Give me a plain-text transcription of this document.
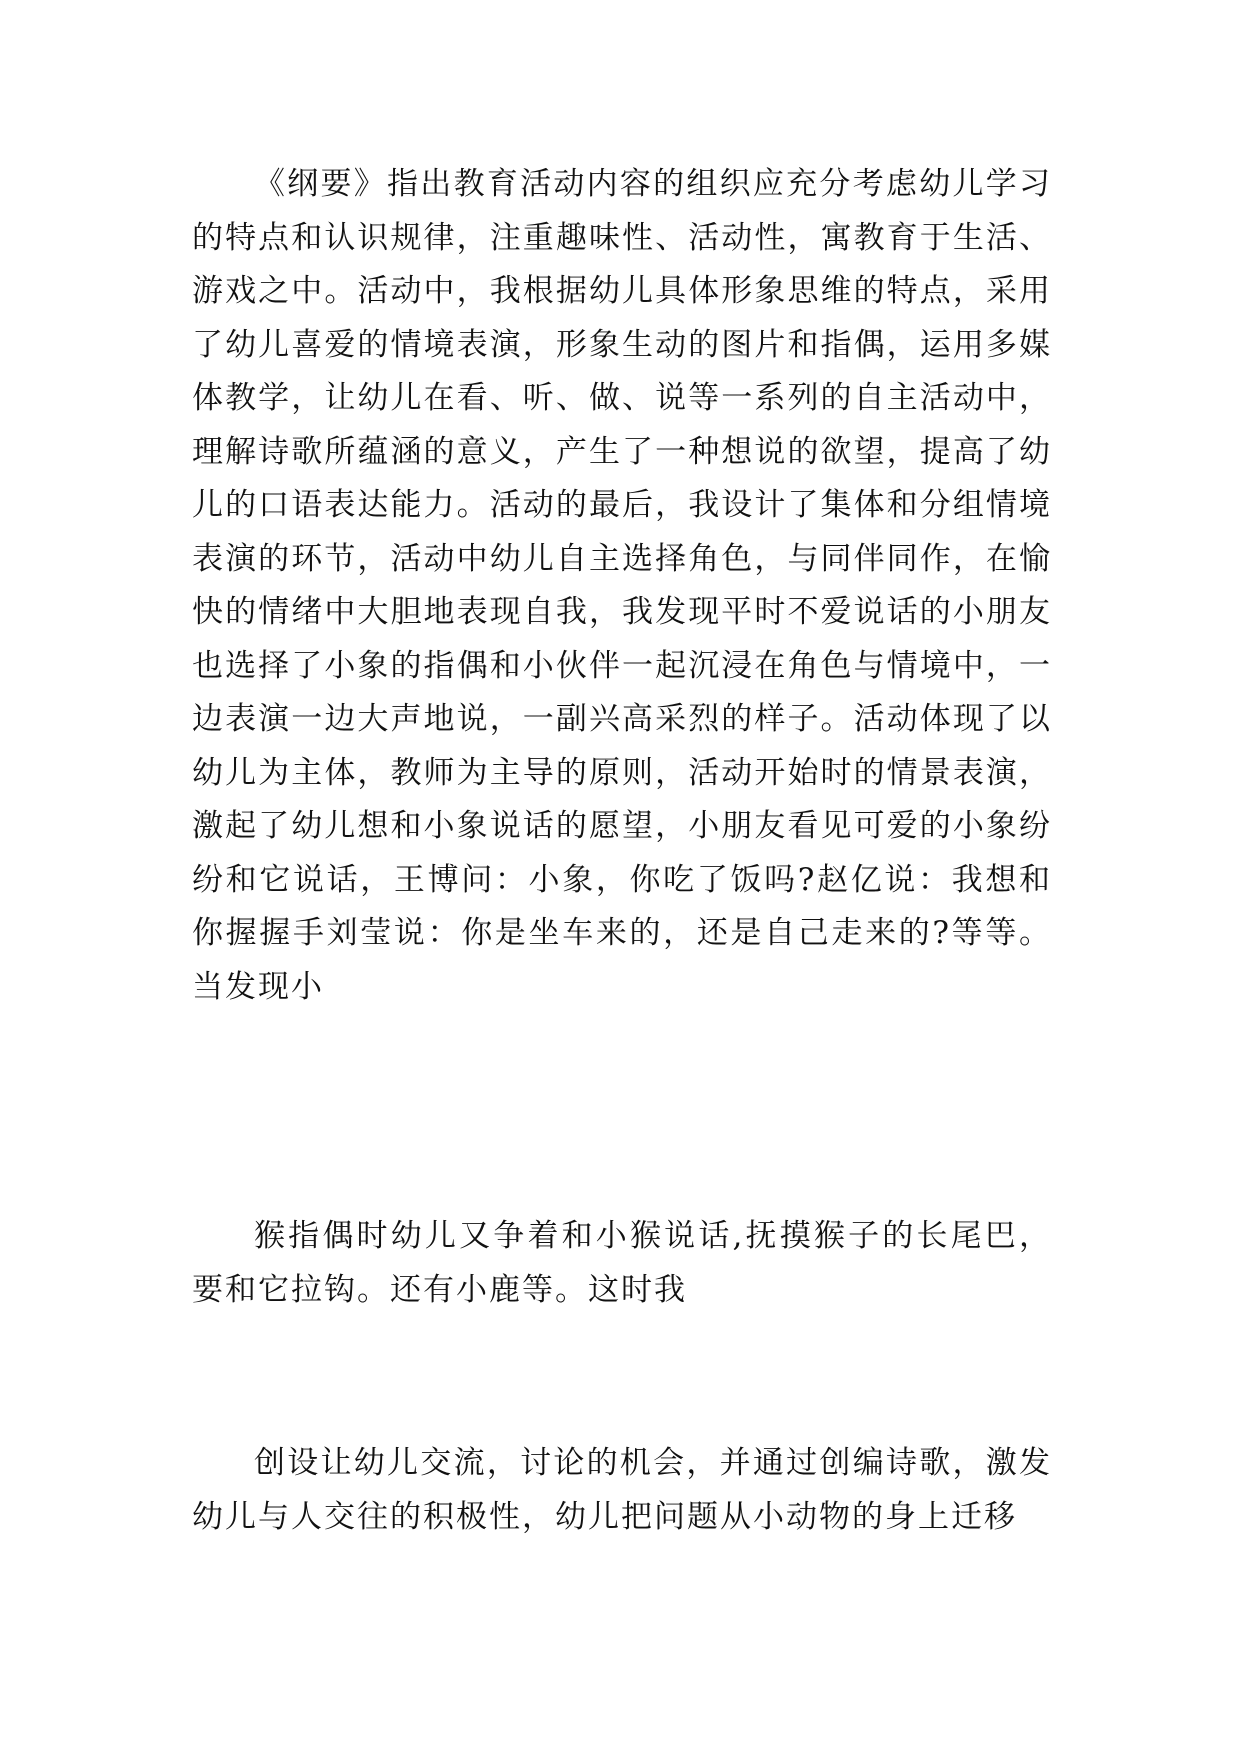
《纲要》指出教育活动内容的组织应充分考虑幼儿学习的特点和认识规律，注重趣味性、活动性，寓教育于生活、游戏之中。活动中，我根据幼儿具体形象思维的特点，采用了幼儿喜爱的情境表演，形象生动的图片和指偶，运用多媒体教学，让幼儿在看、听、做、说等一系列的自主活动中，理解诗歌所蕴涵的意义，产生了一种想说的欲望，提高了幼儿的口语表达能力。活动的最后，我设计了集体和分组情境表演的环节，活动中幼儿自主选择角色，与同伴同作，在愉快的情绪中大胆地表现自我，我发现平时不爱说话的小朋友也选择了小象的指偶和小伙伴一起沉浸在角色与情境中，一边表演一边大声地说，一副兴高采烈的样子。活动体现了以幼儿为主体，教师为主导的原则，活动开始时的情景表演，激起了幼儿想和小象说话的愿望，小朋友看见可爱的小象纷纷和它说话，王博问：小象，你吃了饭吗?赵亿说：我想和你握握手刘莹说：你是坐车来的，还是自己走来的?等等。当发现小

猴指偶时幼儿又争着和小猴说话,抚摸猴子的长尾巴，要和它拉钩。还有小鹿等。这时我

创设让幼儿交流，讨论的机会，并通过创编诗歌，激发幼儿与人交往的积极性，幼儿把问题从小动物的身上迁移
